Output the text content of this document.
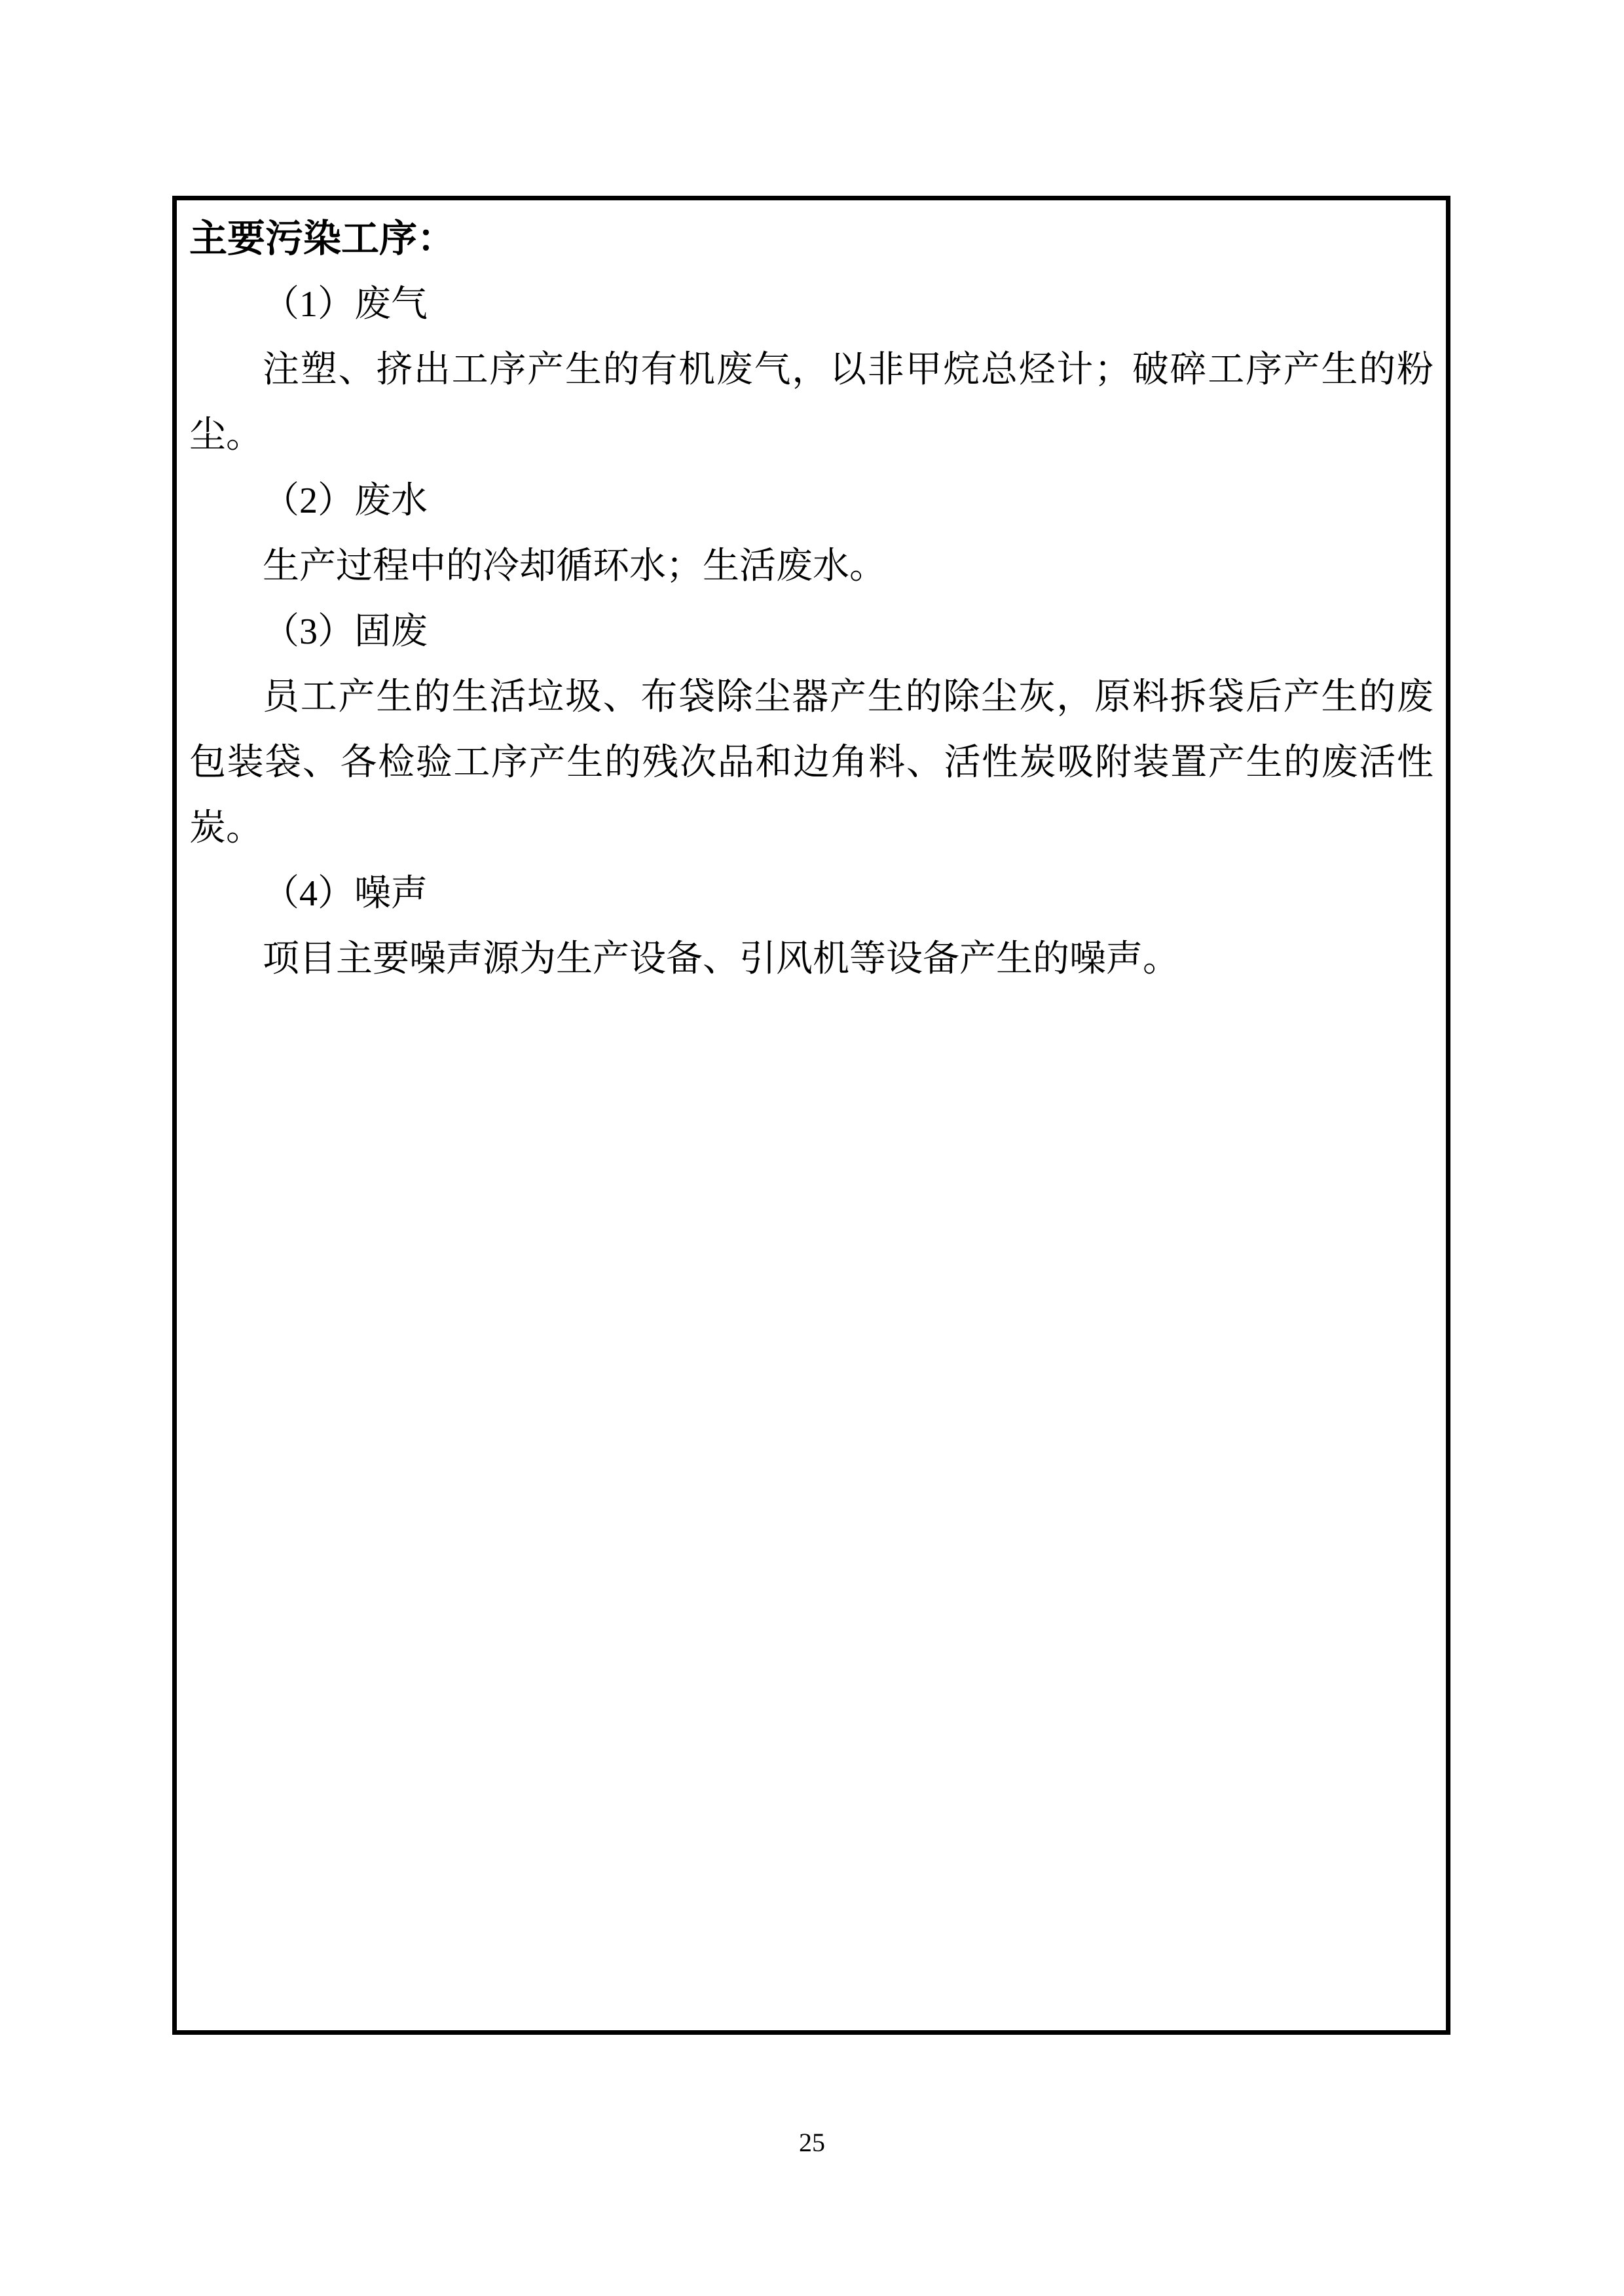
主要污染工序：

（1）废气

注塑、挤出工序产生的有机废气，以非甲烷总烃计；破碎工序产生的粉尘。

（2）废水

生产过程中的冷却循环水；生活废水。

（3）固废

员工产生的生活垃圾、布袋除尘器产生的除尘灰，原料拆袋后产生的废包装袋、各检验工序产生的残次品和边角料、活性炭吸附装置产生的废活性炭。

（4）噪声

项目主要噪声源为生产设备、引风机等设备产生的噪声。

25
